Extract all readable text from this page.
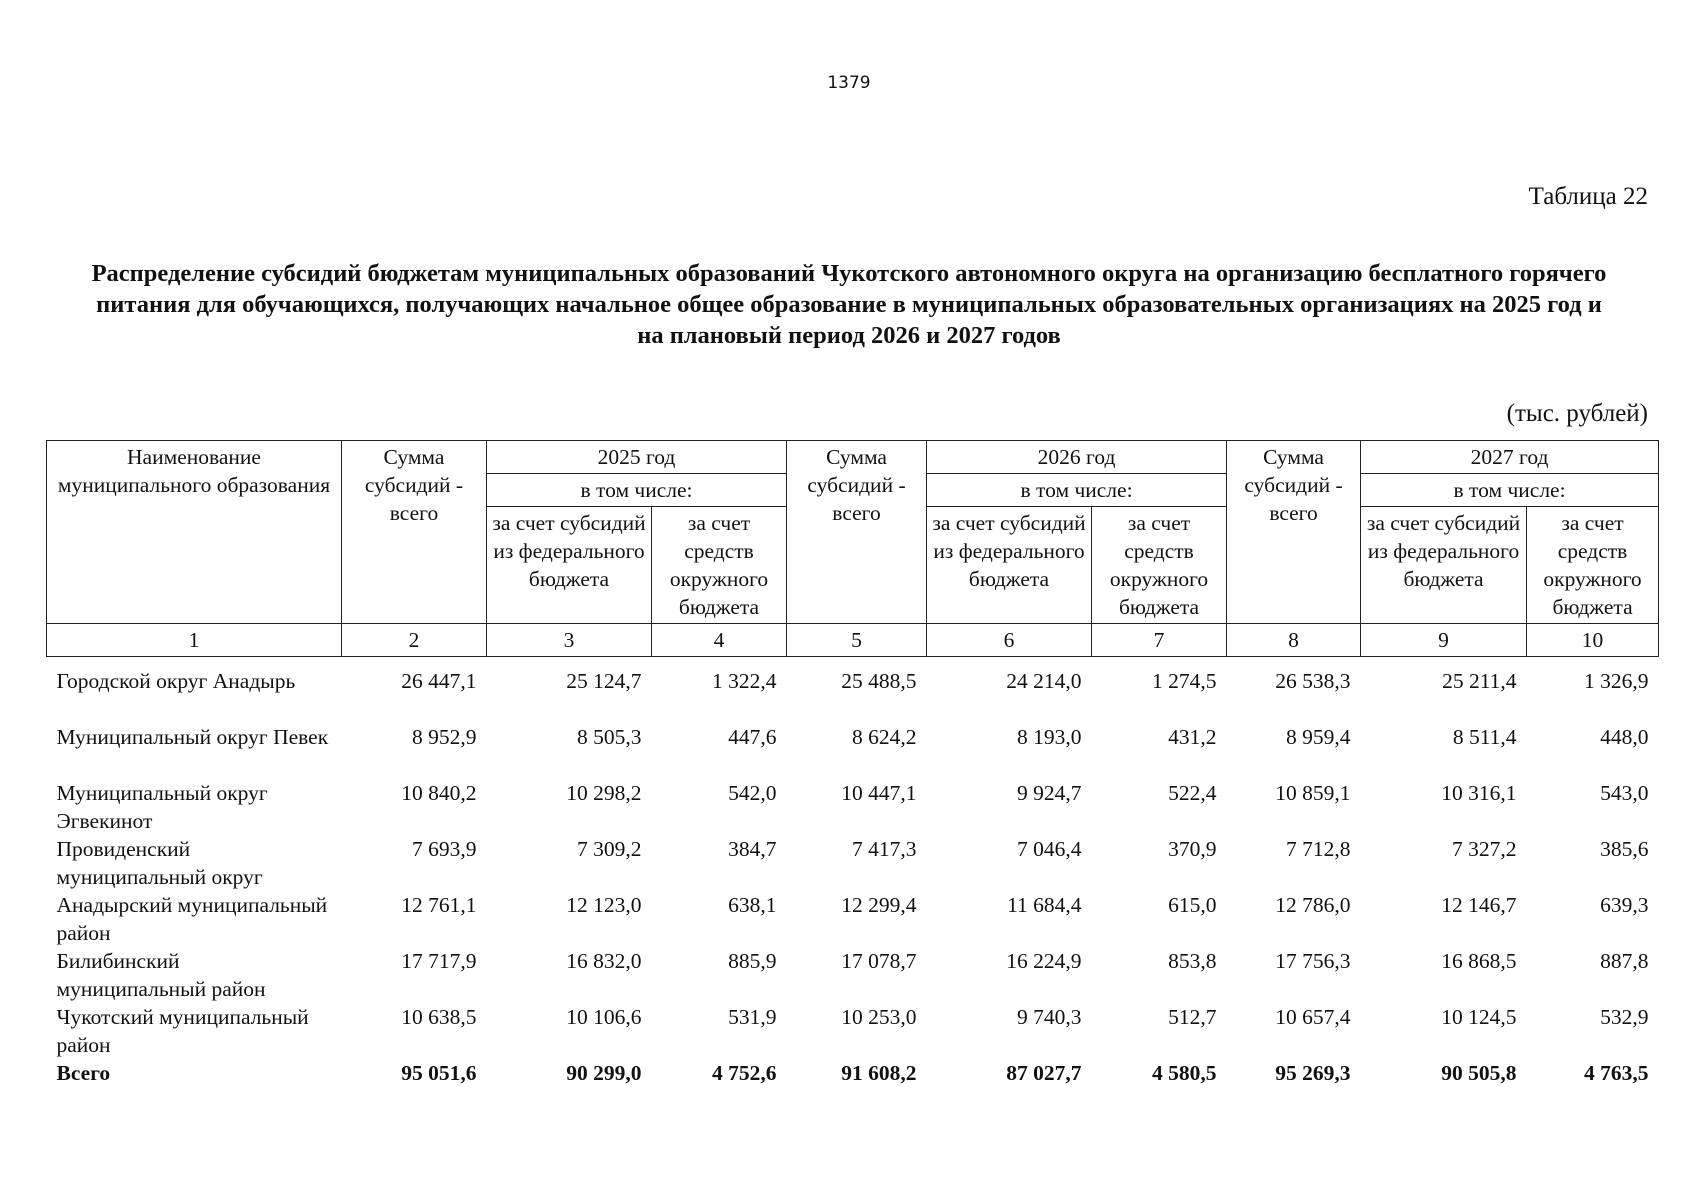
1379
Таблица 22
Распределение субсидий бюджетам муниципальных образований Чукотского автономного округа на организацию бесплатного горячего питания для обучающихся, получающих начальное общее образование в муниципальных образовательных организациях на 2025 год и на плановый период 2026 и 2027 годов
(тыс. рублей)
Наименование муниципального образования	Сумма субсидий - всего	2025 год		Сумма субсидий - всего	2026 год		Сумма субсидий - всего	2027 год	
		в том числе:			в том числе:			в том числе:	
		за счет субсидий из федерального бюджета	за счет средств окружного бюджета		за счет субсидий из федерального бюджета	за счет средств окружного бюджета		за счет субсидий из федерального бюджета	за счет средств окружного бюджета
1	2	3	4	5	6	7	8	9	10
Городской округ Анадырь	26 447,1	25 124,7	1 322,4	25 488,5	24 214,0	1 274,5	26 538,3	25 211,4	1 326,9
Муниципальный округ Певек	8 952,9	8 505,3	447,6	8 624,2	8 193,0	431,2	8 959,4	8 511,4	448,0
Муниципальный округ Эгвекинот	10 840,2	10 298,2	542,0	10 447,1	9 924,7	522,4	10 859,1	10 316,1	543,0
Провиденский муниципальный округ	7 693,9	7 309,2	384,7	7 417,3	7 046,4	370,9	7 712,8	7 327,2	385,6
Анадырский муниципальный район	12 761,1	12 123,0	638,1	12 299,4	11 684,4	615,0	12 786,0	12 146,7	639,3
Билибинский муниципальный район	17 717,9	16 832,0	885,9	17 078,7	16 224,9	853,8	17 756,3	16 868,5	887,8
Чукотский муниципальный район	10 638,5	10 106,6	531,9	10 253,0	9 740,3	512,7	10 657,4	10 124,5	532,9
Всего	95 051,6	90 299,0	4 752,6	91 608,2	87 027,7	4 580,5	95 269,3	90 505,8	4 763,5
